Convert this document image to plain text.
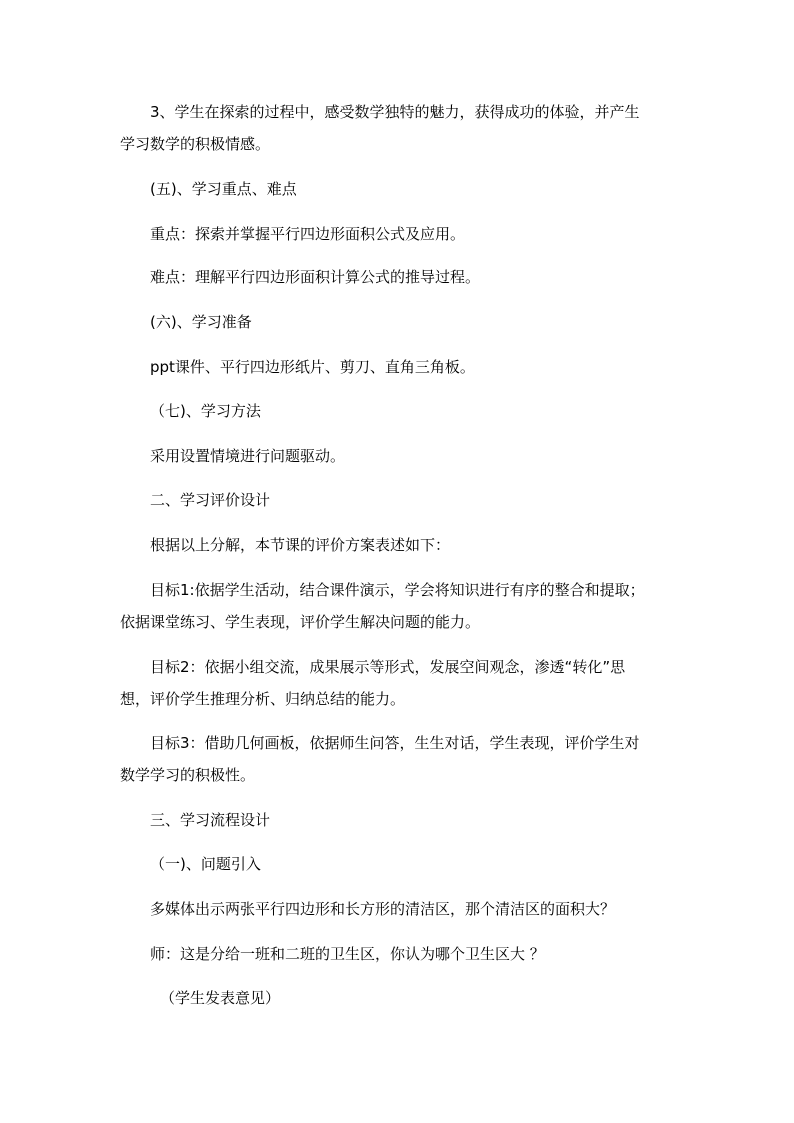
3、学生在探索的过程中，感受数学独特的魅力，获得成功的体验，并产生
学习数学的积极情感。
(五)、学习重点、难点
重点：探索并掌握平行四边形面积公式及应用。
难点：理解平行四边形面积计算公式的推导过程。
(六)、学习准备
ppt课件、平行四边形纸片、剪刀、直角三角板。
（七)、学习方法
采用设置情境进行问题驱动。
二、学习评价设计
根据以上分解，本节课的评价方案表述如下：
目标1:依据学生活动，结合课件演示，学会将知识进行有序的整合和提取；
依据课堂练习、学生表现，评价学生解决问题的能力。
目标2：依据小组交流，成果展示等形式，发展空间观念，渗透“转化”思
想，评价学生推理分析、归纳总结的能力。
目标3：借助几何画板，依据师生问答，生生对话，学生表现，评价学生对
数学学习的积极性。
三、学习流程设计
（一)、问题引入
多媒体出示两张平行四边形和长方形的清洁区，那个清洁区的面积大？
师：这是分给一班和二班的卫生区，你认为哪个卫生区大 ？
（学生发表意见）
